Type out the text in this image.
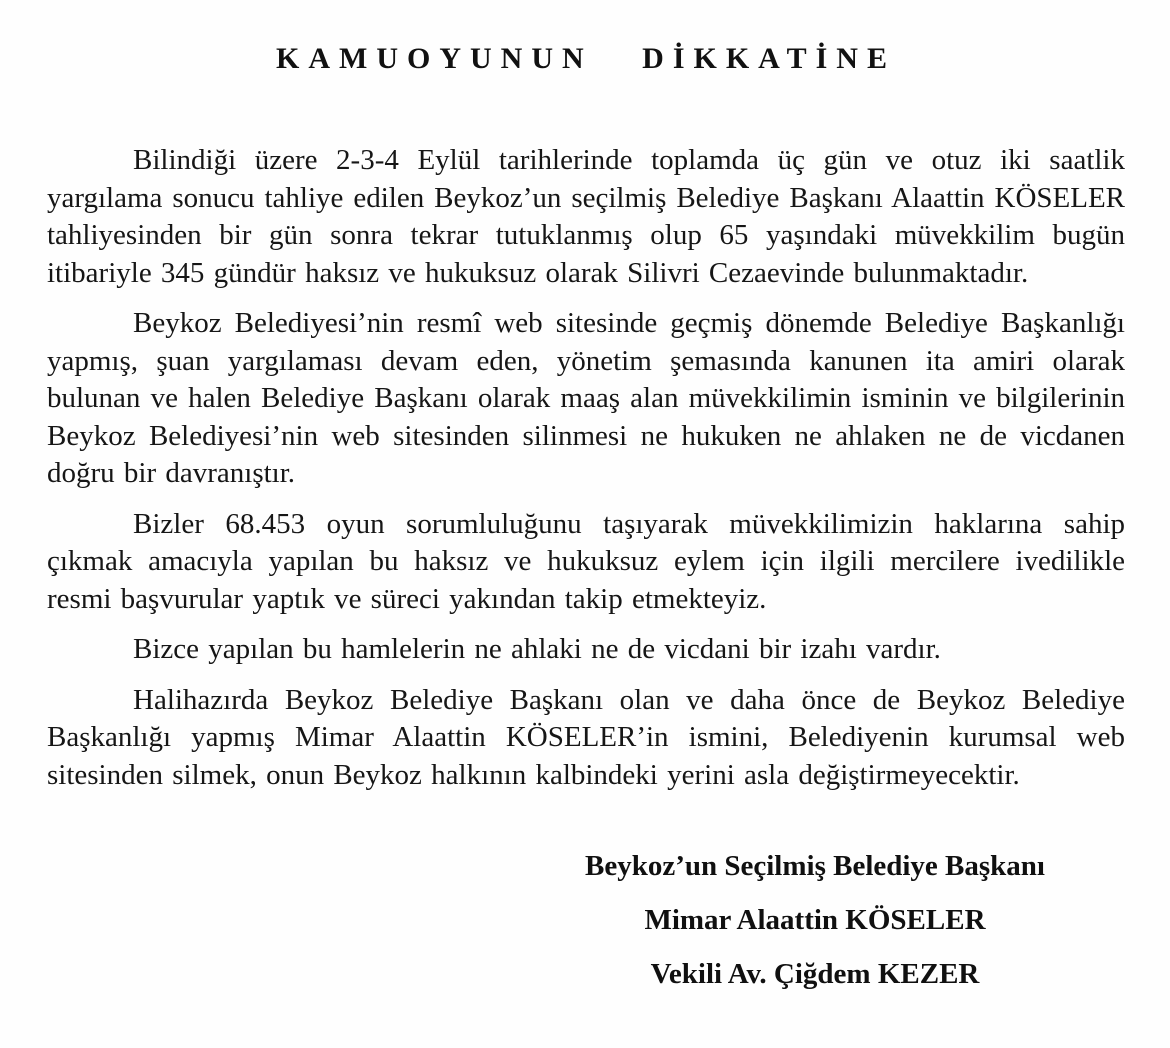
KAMUOYUNUN DİKKATİNE

Bilindiği üzere 2-3-4 Eylül tarihlerinde toplamda üç gün ve otuz iki saatlik yargılama sonucu tahliye edilen Beykoz’un seçilmiş Belediye Başkanı Alaattin KÖSELER tahliyesinden bir gün sonra tekrar tutuklanmış olup 65 yaşındaki müvekkilim bugün itibariyle 345 gündür haksız ve hukuksuz olarak Silivri Cezaevinde bulunmaktadır.

Beykoz Belediyesi’nin resmî web sitesinde geçmiş dönemde Belediye Başkanlığı yapmış, şuan yargılaması devam eden, yönetim şemasında kanunen ita amiri olarak bulunan ve halen Belediye Başkanı olarak maaş alan müvekkilimin isminin ve bilgilerinin Beykoz Belediyesi’nin web sitesinden silinmesi ne hukuken ne ahlaken ne de vicdanen doğru bir davranıştır.

Bizler 68.453 oyun sorumluluğunu taşıyarak müvekkilimizin haklarına sahip çıkmak amacıyla yapılan bu haksız ve hukuksuz eylem için ilgili mercilere ivedilikle resmi başvurular yaptık ve süreci yakından takip etmekteyiz.

Bizce yapılan bu hamlelerin ne ahlaki ne de vicdani bir izahı vardır.

Halihazırda Beykoz Belediye Başkanı olan ve daha önce de Beykoz Belediye Başkanlığı yapmış Mimar Alaattin KÖSELER’in ismini, Belediyenin kurumsal web sitesinden silmek, onun Beykoz halkının kalbindeki yerini asla değiştirmeyecektir.

Beykoz’un Seçilmiş Belediye Başkanı
Mimar Alaattin KÖSELER
Vekili Av. Çiğdem KEZER
